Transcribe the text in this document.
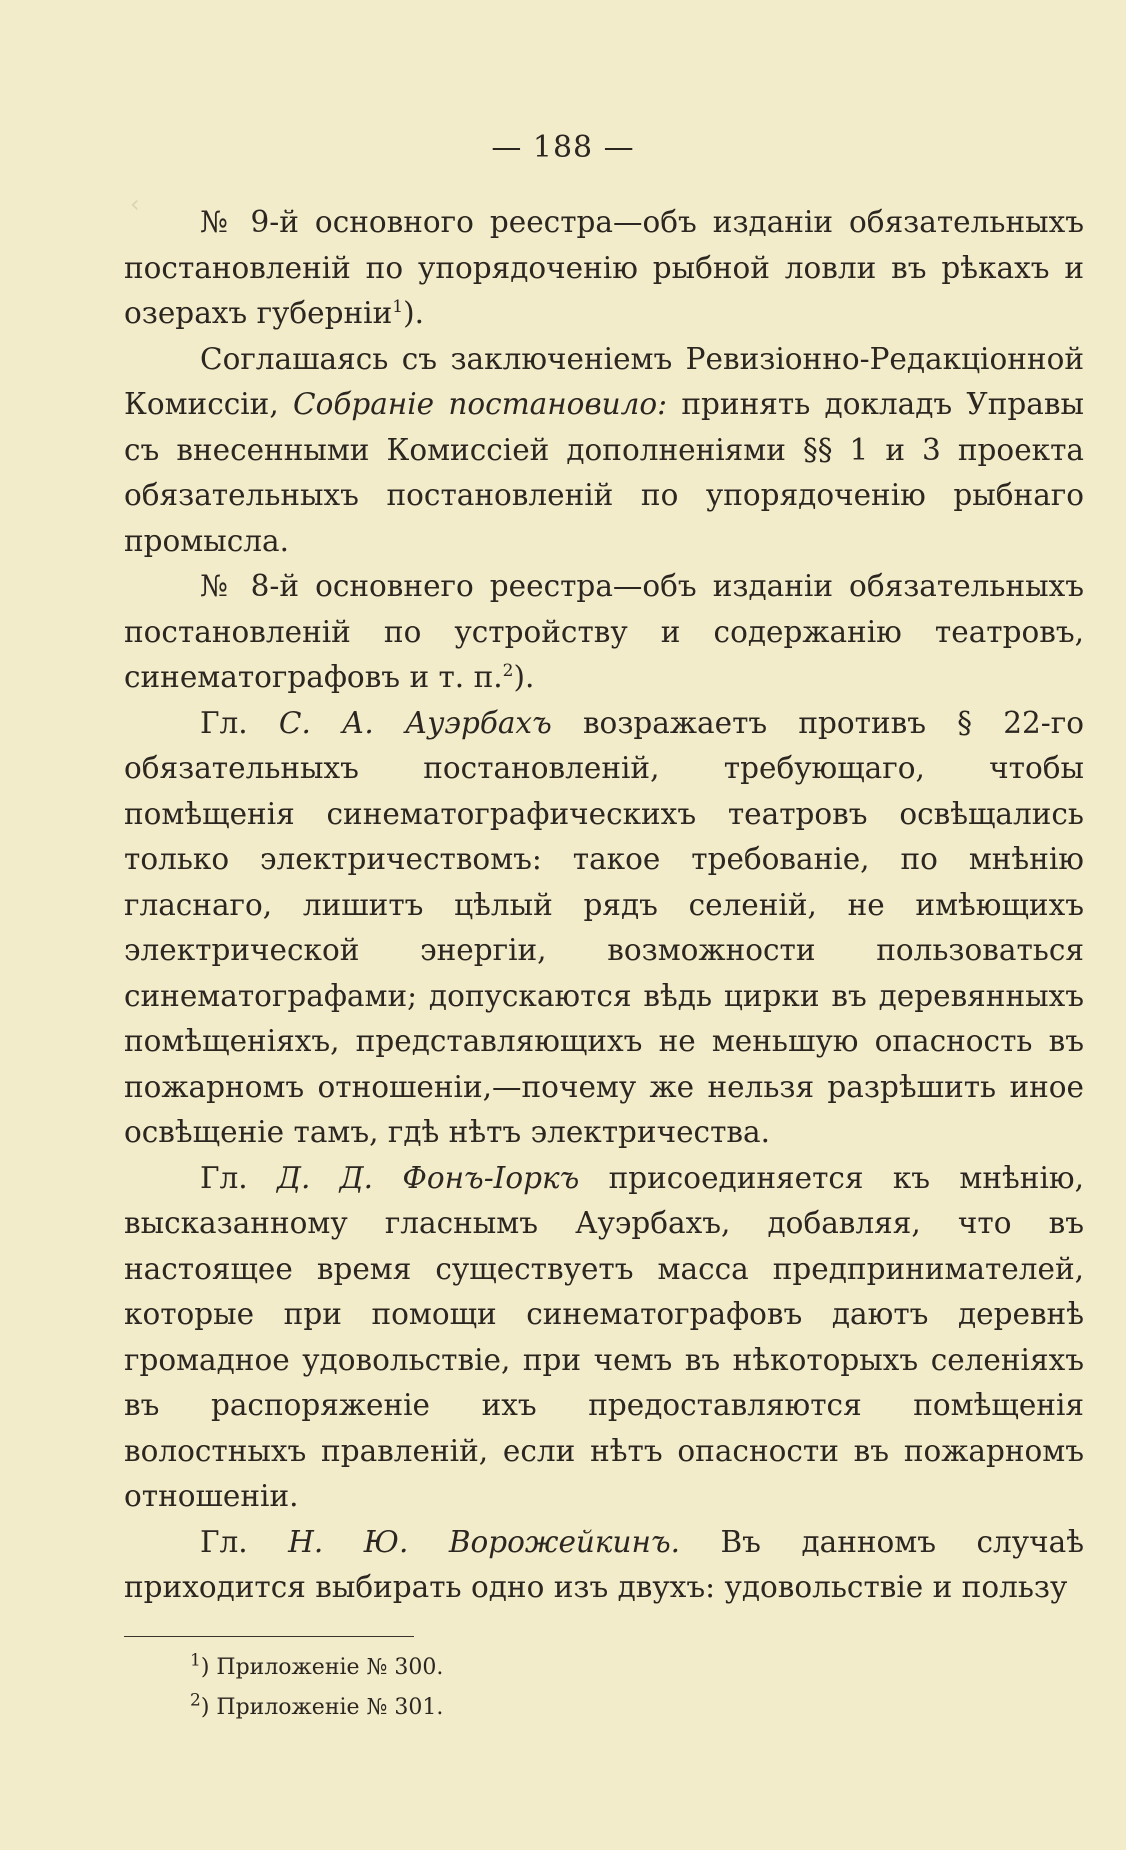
‹
— 188 —

№ 9-й основного реестра—объ изданіи обязательныхъ постановленій по упорядоченію рыбной ловли въ рѣкахъ и озерахъ губерніи$^1$).

Соглашаясь съ заключеніемъ Ревизіонно-Редакціонной Комиссіи, Собраніе постановило: принять докладъ Управы съ внесенными Комиссіей дополненіями §§ 1 и 3 проекта обязательныхъ постановленій по упорядоченію рыбнаго промысла.

№ 8-й основнего реестра—объ изданіи обязательныхъ постановленій по устройству и содержанію театровъ, синематографовъ и т. п.$^2$).

Гл. С. А. Ауэрбахъ возражаетъ противъ § 22-го обязательныхъ постановленій, требующаго, чтобы помѣщенія синематографическихъ театровъ освѣщались только электричествомъ: такое требованіе, по мнѣнію гласнаго, лишитъ цѣлый рядъ селеній, не имѣющихъ электрической энергіи, возможности пользоваться синематографами; допускаются вѣдь цирки въ деревянныхъ помѣщеніяхъ, представляющихъ не меньшую опасность въ пожарномъ отношеніи,—почему же нельзя разрѣшить иное освѣщеніе тамъ, гдѣ нѣтъ электричества.

Гл. Д. Д. Фонъ-Іоркъ присоединяется къ мнѣнію, высказанному гласнымъ Ауэрбахъ, добавляя, что въ настоящее время существуетъ масса предпринимателей, которые при помощи синематографовъ даютъ деревнѣ громадное удовольствіе, при чемъ въ нѣкоторыхъ селеніяхъ въ распоряженіе ихъ предоставляются помѣщенія волостныхъ правленій, если нѣтъ опасности въ пожарномъ отношеніи.

Гл. Н. Ю. Ворожейкинъ. Въ данномъ случаѣ приходится выбирать одно изъ двухъ: удовольствіе и пользу

$^1$) Приложеніе № 300.
$^2$) Приложеніе № 301.
